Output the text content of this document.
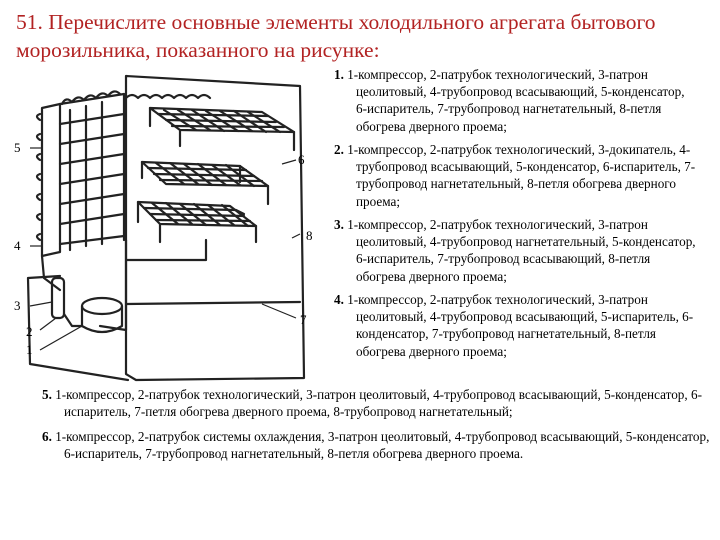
51. Перечислите основные элементы холодильного агрегата бытового морозильника, показанного на рисунке:
5
6
8
4
3
2
1
7
1. 1-компрессор, 2-патрубок технологический, 3-патрон цеолитовый, 4-трубопровод всасывающий, 5-конденсатор, 6-испаритель, 7-трубопровод нагнетательный, 8-петля обогрева дверного проема;
2. 1-компрессор, 2-патрубок технологический, 3-докипатель, 4-трубопровод всасывающий, 5-конденсатор, 6-испаритель, 7-трубопровод нагнетательный, 8-петля обогрева дверного проема;
3. 1-компрессор, 2-патрубок технологический, 3-патрон цеолитовый, 4-трубопровод нагнетательный, 5-конденсатор, 6-испаритель, 7-трубопровод всасывающий, 8-петля обогрева дверного проема;
4. 1-компрессор, 2-патрубок технологический, 3-патрон цеолитовый, 4-трубопровод всасывающий, 5-испаритель, 6-конденсатор, 7-трубопровод нагнетательный, 8-петля обогрева дверного проема;
5. 1-компрессор, 2-патрубок технологический, 3-патрон цеолитовый, 4-трубопровод всасывающий, 5-конденсатор, 6-испаритель, 7-петля обогрева дверного проема, 8-трубопровод нагнетательный;
6. 1-компрессор, 2-патрубок системы охлаждения, 3-патрон цеолитовый, 4-трубопровод всасывающий, 5-конденсатор, 6-испаритель, 7-трубопровод нагнетательный, 8-петля обогрева дверного проема.
